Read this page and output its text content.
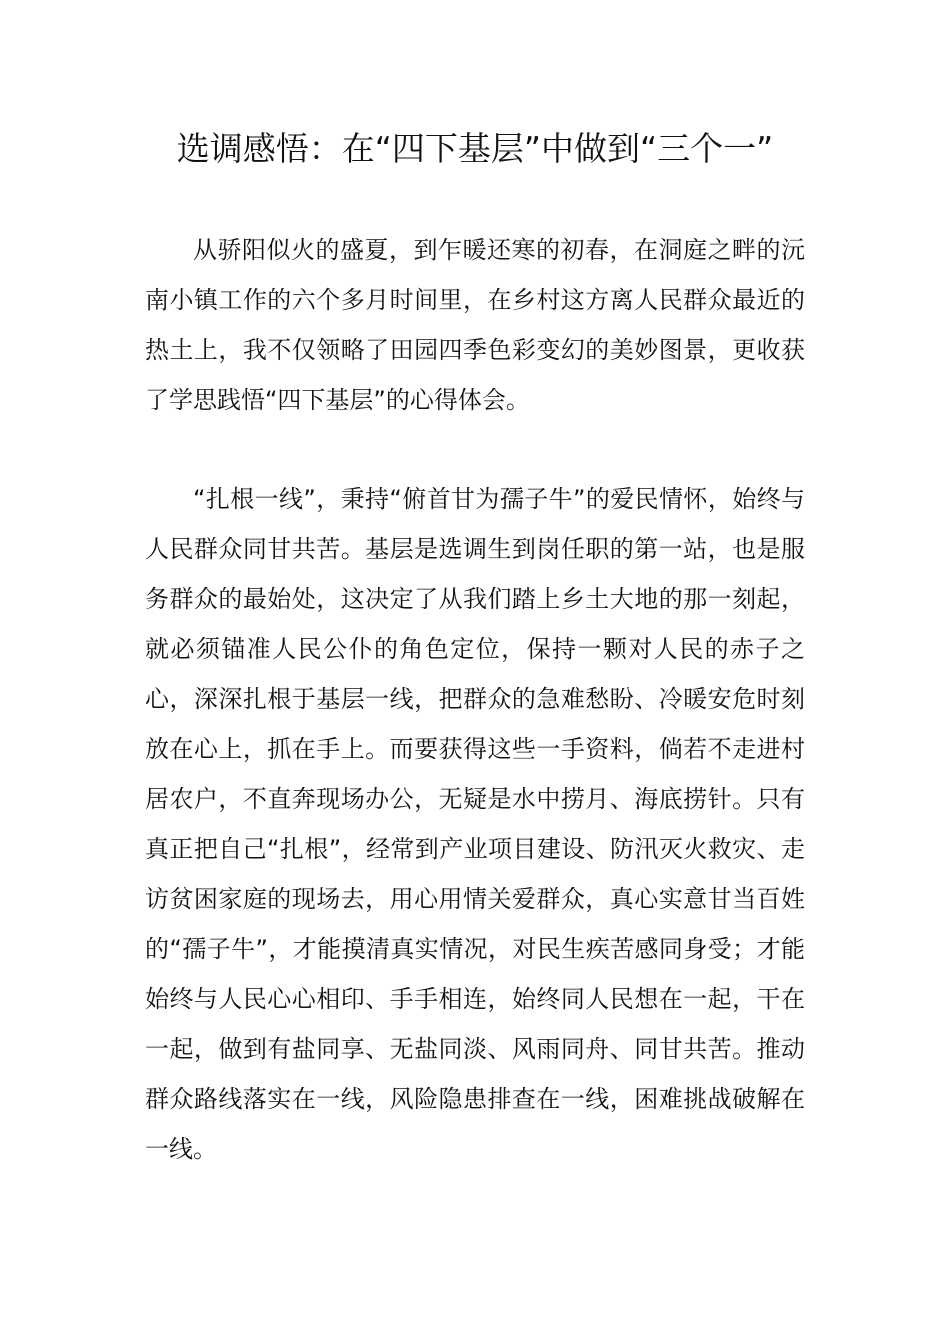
选调感悟：在“四下基层”中做到“三个一”

从骄阳似火的盛夏，到乍暖还寒的初春，在洞庭之畔的沅南小镇工作的六个多月时间里，在乡村这方离人民群众最近的热土上，我不仅领略了田园四季色彩变幻的美妙图景，更收获了学思践悟“四下基层”的心得体会。

“扎根一线”，秉持“俯首甘为孺子牛”的爱民情怀，始终与人民群众同甘共苦。基层是选调生到岗任职的第一站，也是服务群众的最始处，这决定了从我们踏上乡土大地的那一刻起，就必须锚准人民公仆的角色定位，保持一颗对人民的赤子之心，深深扎根于基层一线，把群众的急难愁盼、冷暖安危时刻放在心上，抓在手上。而要获得这些一手资料，倘若不走进村居农户，不直奔现场办公，无疑是水中捞月、海底捞针。只有真正把自己“扎根”，经常到产业项目建设、防汛灭火救灾、走访贫困家庭的现场去，用心用情关爱群众，真心实意甘当百姓的“孺子牛”，才能摸清真实情况，对民生疾苦感同身受；才能始终与人民心心相印、手手相连，始终同人民想在一起，干在一起，做到有盐同享、无盐同淡、风雨同舟、同甘共苦。推动群众路线落实在一线，风险隐患排查在一线，困难挑战破解在一线。
